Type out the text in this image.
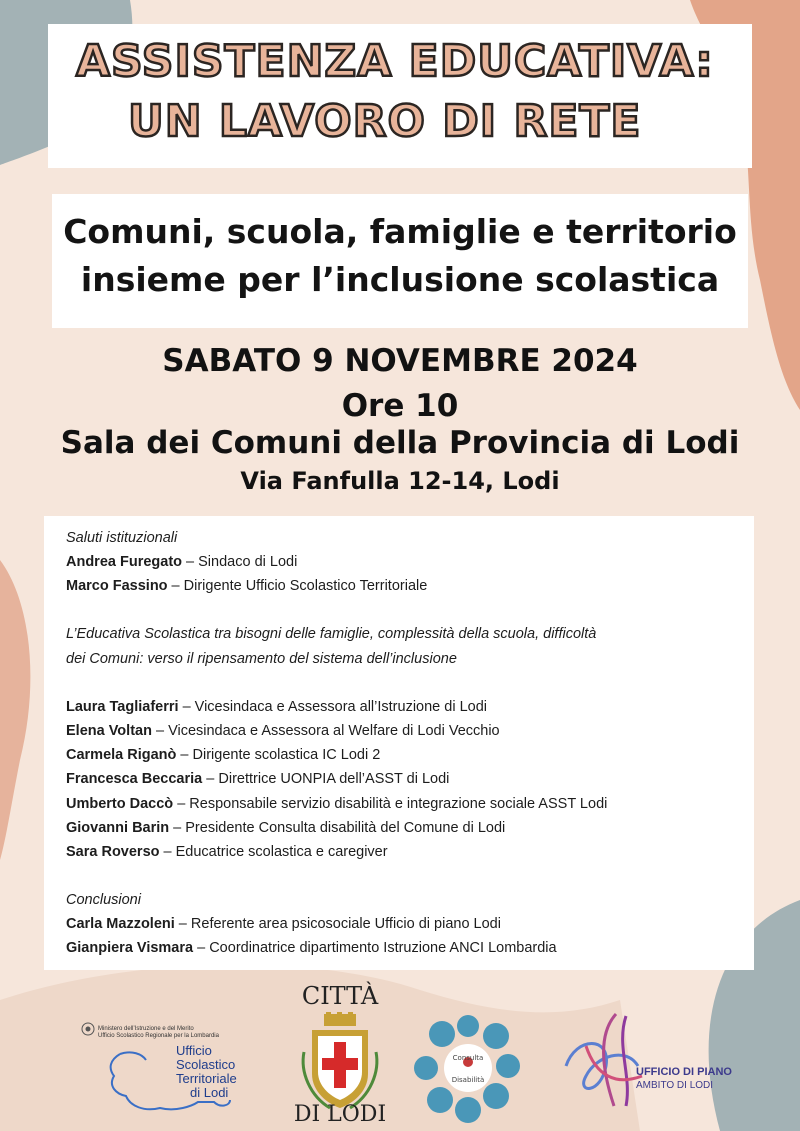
ASSISTENZA EDUCATIVA:
UN LAVORO DI RETE
Comuni, scuola, famiglie e territorio
insieme per l’inclusione scolastica
SABATO 9 NOVEMBRE 2024
Ore 10
Sala dei Comuni della Provincia di Lodi
Via Fanfulla 12-14, Lodi
Saluti istituzionali
Andrea Furegato – Sindaco di Lodi
Marco Fassino – Dirigente Ufficio Scolastico Territoriale
L’Educativa Scolastica tra bisogni delle famiglie, complessità della scuola, difficoltà
dei Comuni: verso il ripensamento del sistema dell’inclusione
Laura Tagliaferri – Vicesindaca e Assessora all’Istruzione di Lodi
Elena Voltan – Vicesindaca e Assessora al Welfare di Lodi Vecchio
Carmela Riganò – Dirigente scolastica IC Lodi 2
Francesca Beccaria – Direttrice UONPIA dell’ASST di Lodi
Umberto Daccò – Responsabile servizio disabilità e integrazione sociale ASST Lodi
Giovanni Barin – Presidente Consulta disabilità del Comune di Lodi
Sara Roverso – Educatrice scolastica e caregiver
Conclusioni
Carla Mazzoleni – Referente area psicosociale Ufficio di piano Lodi
Gianpiera Vismara – Coordinatrice dipartimento Istruzione ANCI Lombardia
Ministero dell’Istruzione e del Merito
Ufficio Scolastico Regionale per la Lombardia
Ufficio
Scolastico
Territoriale
di Lodi
CITTÀ
DI LODI
Consulta
Disabilità
UFFICIO DI PIANO
AMBITO DI LODI
